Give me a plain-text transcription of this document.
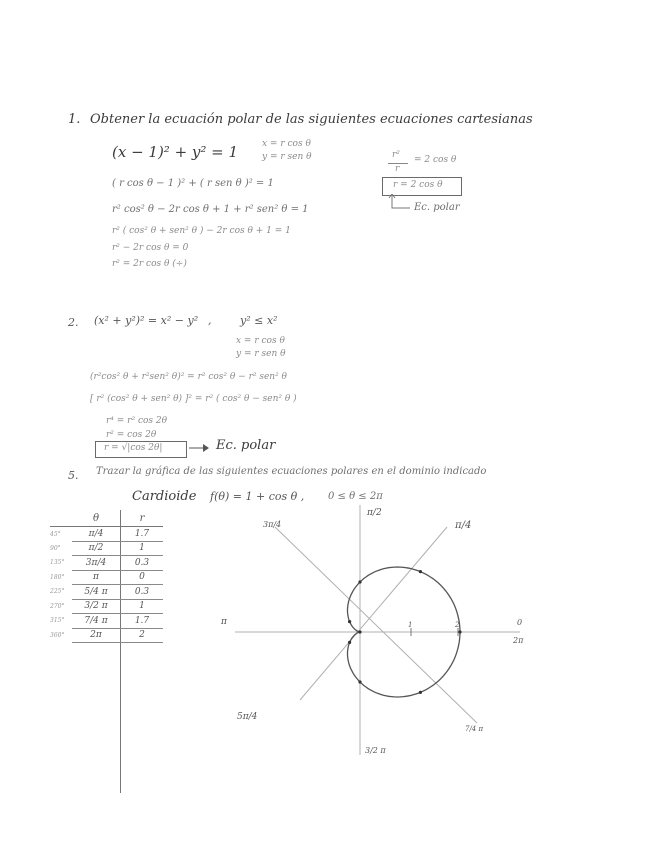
1. Obtener la ecuación polar de las siguientes ecuaciones cartesianas
(x − 1)² + y² = 1	x = r cos θ
y = r sen θ
( r cos θ − 1 )² + ( r sen θ )² = 1
r² cos² θ − 2r cos θ + 1 + r² sen² θ = 1
r² ( cos² θ + sen² θ ) − 2r cos θ + 1 = 1
r² − 2r cos θ = 0
r² = 2r cos θ (÷)
r²
r
= 2 cos θ
r = 2 cos θ
Ec. polar
2. (x² + y²)² = x² − y² ,	y² ≤ x²
x = r cos θ
y = r sen θ
(r²cos² θ + r²sen² θ)² = r² cos² θ − r² sen² θ
[ r² (cos² θ + sen² θ) ]² = r² ( cos² θ − sen² θ )
r⁴ = r² cos 2θ
r² = cos 2θ
r = √|cos 2θ|	Ec. polar
5. Trazar la gráfica de las siguientes ecuaciones polares en el dominio indicado
Cardioide f(θ) = 1 + cos θ , 0 ≤ θ ≤ 2π
	θ	r
45°	π/4	1.7
90°	π/2	1
135°	3π/4	0.3
180°	π	0
225°	5/4 π	0.3
270°	3/2 π	1
315°	7/4 π	1.7
360°	2π	2

1	2
π/2
π/4
3π/4
π	0
2π
5π/4
7/4 π
3/2 π
